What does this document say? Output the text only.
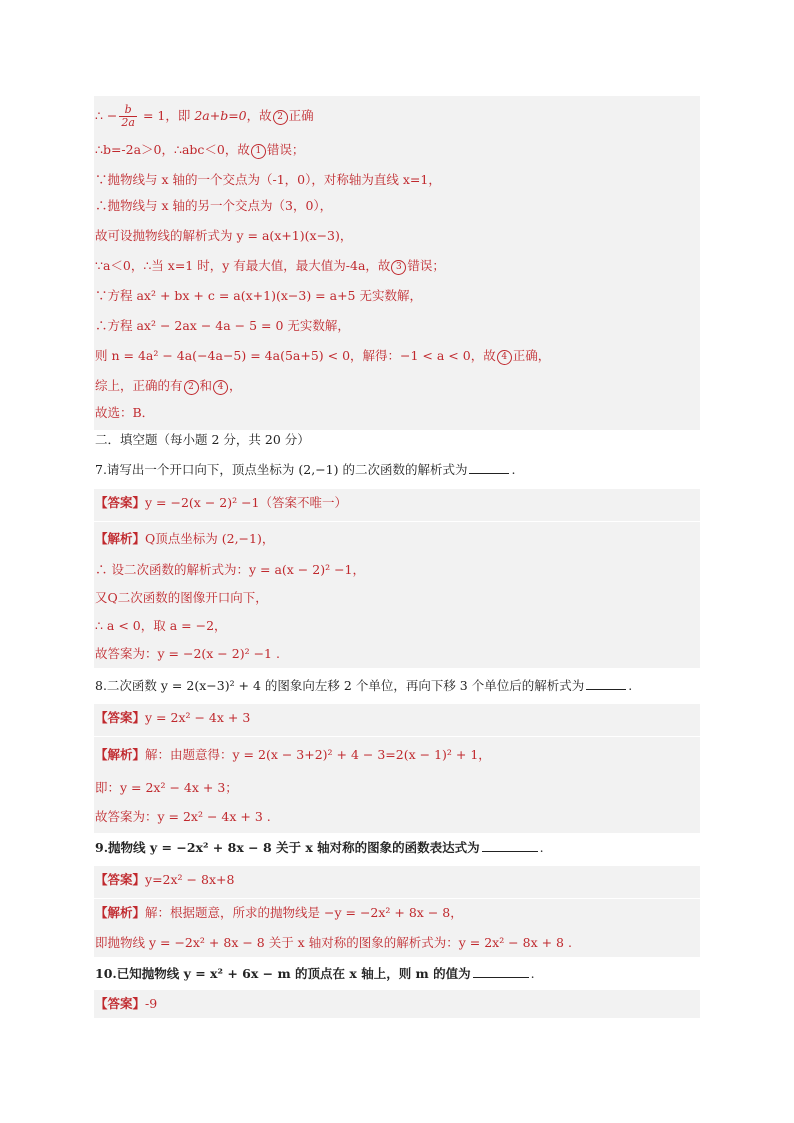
∴ − $\frac{b}{2a} = 1$，即 2a+b=0，故 2 正确
∴b=-2a＞0，∴abc＜0，故 1 错误；
∵抛物线与 x 轴的一个交点为（-1，0），对称轴为直线 x=1，
∴抛物线与 x 轴的另一个交点为（3，0），
故可设抛物线的解析式为 y = a(x+1)(x−3)，
∵a＜0，∴当 x=1 时，y 有最大值，最大值为-4a，故 3 错误；
∵方程 ax² + bx + c = a(x+1)(x−3) = a+5 无实数解，
∴方程 ax² − 2ax − 4a − 5 = 0 无实数解，
则 n = 4a² − 4a(−4a−5) = 4a(5a+5) < 0，解得：−1 < a < 0，故 4 正确，
综上，正确的有 2 和 4 ，
故选：B．
二．填空题（每小题 2 分，共 20 分）
7.请写出一个开口向下，顶点坐标为 (2,−1) 的二次函数的解析式为	.
【答案】y = −2(x − 2)² −1（答案不唯一）
【解析】Q顶点坐标为 (2,−1)，
∴ 设二次函数的解析式为：y = a(x − 2)² −1，
又Q二次函数的图像开口向下，
∴ a < 0，取 a = −2，
故答案为：y = −2(x − 2)² −1 .
8.二次函数 y = 2(x−3)² + 4 的图象向左移 2 个单位，再向下移 3 个单位后的解析式为	.
【答案】y = 2x² − 4x + 3
【解析】解：由题意得：y = 2(x − 3+2)² + 4 − 3=2(x − 1)² + 1，
即：y = 2x² − 4x + 3；
故答案为：y = 2x² − 4x + 3 .
9.抛物线 y = −2x² + 8x − 8 关于 x 轴对称的图象的函数表达式为	.
【答案】y=2x² − 8x+8
【解析】解：根据题意，所求的抛物线是 −y = −2x² + 8x − 8，
即抛物线 y = −2x² + 8x − 8 关于 x 轴对称的图象的解析式为：y = 2x² − 8x + 8 .
10.已知抛物线 y = x² + 6x − m 的顶点在 x 轴上，则 m 的值为	.
【答案】-9
